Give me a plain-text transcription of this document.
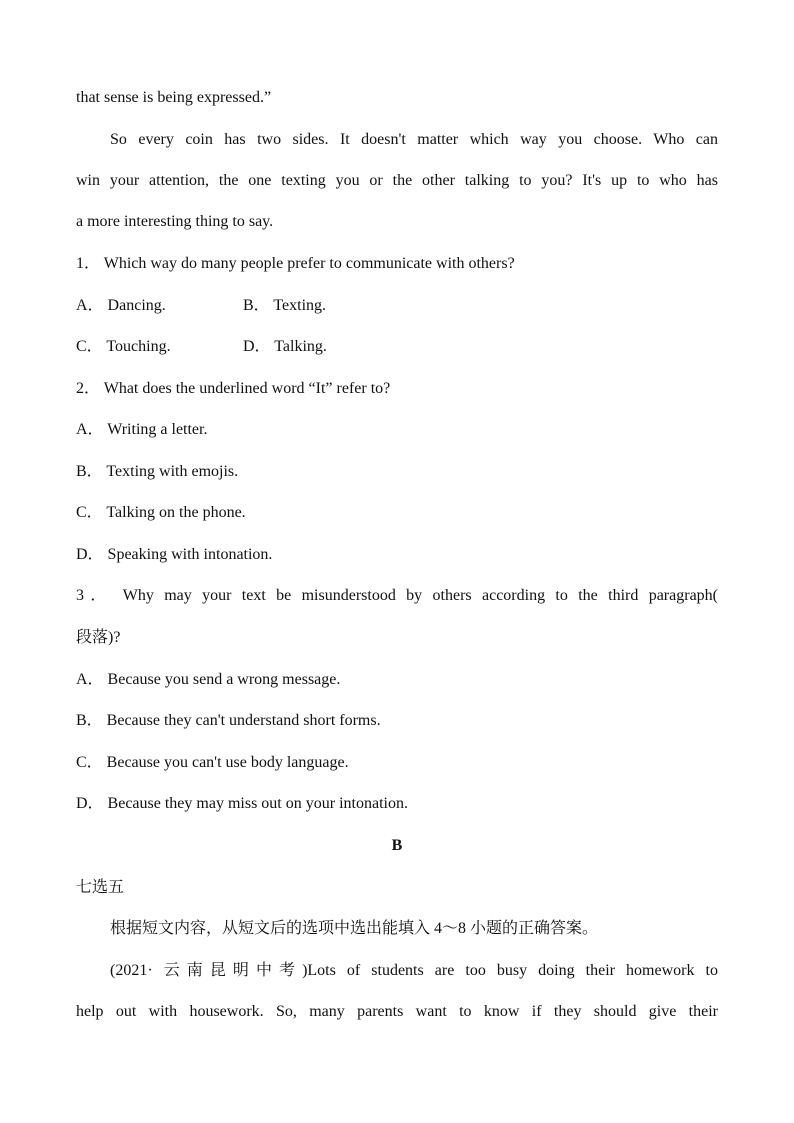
that sense is being expressed.”
So every coin has two sides. It doesn't matter which way you choose. Who can
win your attention, the one texting you or the other talking to you? It's up to who has
a more interesting thing to say.
1． Which way do many people prefer to communicate with others?
A． Dancing.	B． Texting.
C． Touching.	D． Talking.
2． What does the underlined word “It” refer to?
A． Writing a letter.
B． Texting with emojis.
C． Talking on the phone.
D． Speaking with intonation.
3． Why may your text be misunderstood by others according to the third paragraph(
段落)?
A． Because you send a wrong message.
B． Because they can't understand short forms.
C． Because you can't use body language.
D． Because they may miss out on your intonation.
B
七选五
根据短文内容，从短文后的选项中选出能填入 4～8 小题的正确答案。
(2021· 云南昆明中考)Lots of students are too busy doing their homework to
help out with housework. So, many parents want to know if they should give their
